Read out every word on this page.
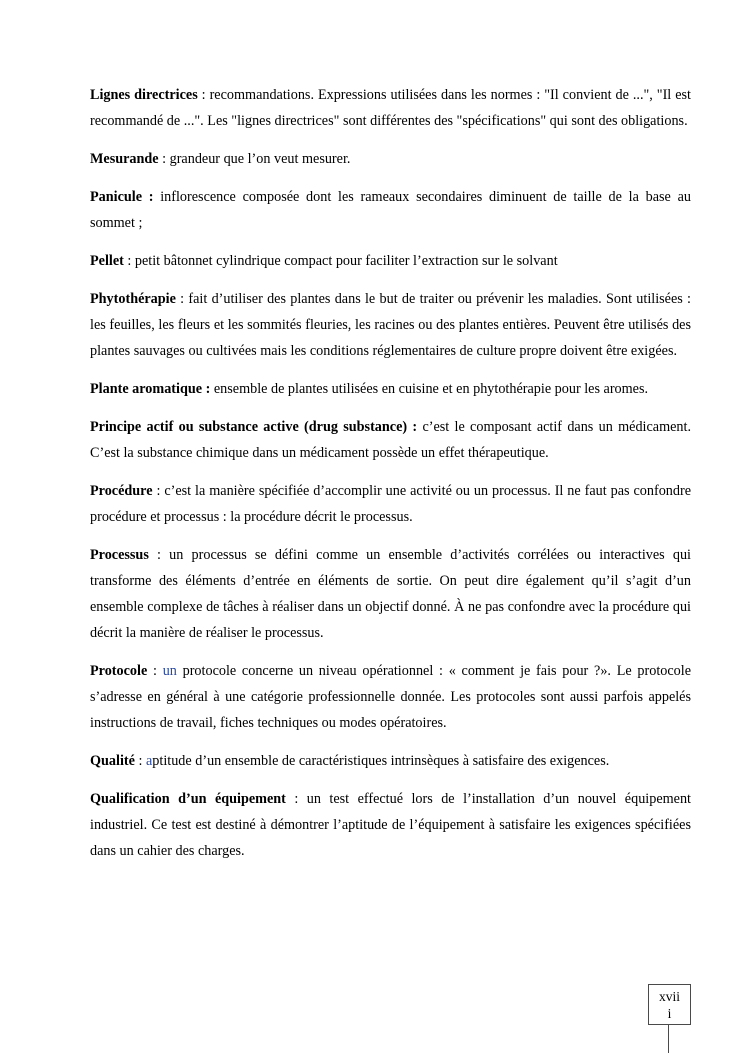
Lignes directrices : recommandations. Expressions utilisées dans les normes : "Il convient de ...", "Il est recommandé de ...". Les "lignes directrices" sont différentes des "spécifications" qui sont des obligations.

Mesurande : grandeur que l’on veut mesurer.

Panicule : inflorescence composée dont les rameaux secondaires diminuent de taille de la base au sommet ;

Pellet : petit bâtonnet cylindrique compact pour faciliter l’extraction sur le solvant

Phytothérapie : fait d’utiliser des plantes dans le but de traiter ou prévenir les maladies. Sont utilisées : les feuilles, les fleurs et les sommités fleuries, les racines ou des plantes entières. Peuvent être utilisés des plantes sauvages ou cultivées mais les conditions réglementaires de culture propre doivent être exigées.

Plante aromatique : ensemble de plantes utilisées en cuisine et en phytothérapie pour les aromes.

Principe actif ou substance active (drug substance) : c’est le composant actif dans un médicament. C’est la substance chimique dans un médicament possède un effet thérapeutique.

Procédure : c’est la manière spécifiée d’accomplir une activité ou un processus. Il ne faut pas confondre procédure et processus : la procédure décrit le processus.

Processus : un processus se défini comme un ensemble d’activités corrélées ou interactives qui transforme des éléments d’entrée en éléments de sortie. On peut dire également qu’il s’agit d’un ensemble complexe de tâches à réaliser dans un objectif donné. À ne pas confondre avec la procédure qui décrit la manière de réaliser le processus.

Protocole : un protocole concerne un niveau opérationnel : « comment je fais pour ?». Le protocole s’adresse en général à une catégorie professionnelle donnée. Les protocoles sont aussi parfois appelés instructions de travail, fiches techniques ou modes opératoires.

Qualité : aptitude d’un ensemble de caractéristiques intrinsèques à satisfaire des exigences.

Qualification d’un équipement : un test effectué lors de l’installation d’un nouvel équipement industriel. Ce test est destiné à démontrer l’aptitude de l’équipement à satisfaire les exigences spécifiées dans un cahier des charges.

xvii
i
